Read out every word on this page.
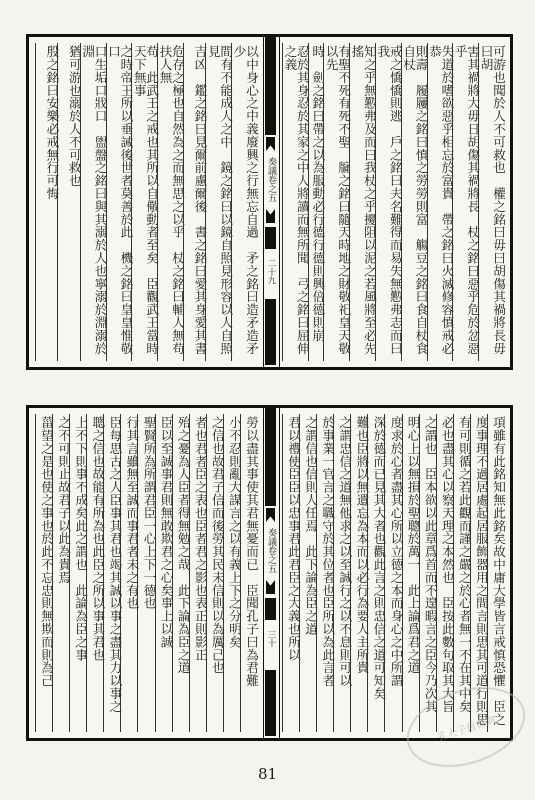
可游也聞於人不可救也　權之銘曰毋曰胡傷其禍將長毋曰胡
害其禍將大毋日胡傷其禍將長　杖之銘曰惡乎危於忿惡乎
失道於嗜欲惡乎相忘於富貴　帶之銘曰火滅修容慎戒必恭
則壽　履屨之銘曰慎之勞勞則富　觴豆之銘曰食自杖食自杖
戒之憍憍則逃　戶之銘曰夫名難得而易失無懃弗志而曰我
知之乎無懃弗及而曰我杖之乎擾阻以泥之若風將至必先搖
有聖不死有死不聖　牖之銘曰隨天時地之財敬祀皇天敬以先
時　劍之銘曰帶之以為服動必行德行德則興倍德則崩
忍於其身忍於其家之中人將讀而無所聞　弓之銘曰屈伸之義
奏議卷之五
二十九
以中身心之中義廢興之行無忘自過　矛之銘曰造矛造矛少
間有不能成人之中　鏡之銘曰以鏡自照見形容以人自照見
吉凶　鑑之銘曰見爾前慮爾後　書之銘曰愛其身愛其書
危存之極也自然為之而無思之以乎　杖之銘曰輔人無苟扶人無
苟　此武王之戒也其所以自儆動者至矣　臣觀武王當時天下無事
之時帝王所以垂誡後世者莫善於此　機之銘曰皇皇惟敬口
口生垢口戕口　盥盤之銘曰與其溺於人也寧溺於淵溺於淵
猶可游也溺於人不可救也
殷之銘曰安樂必戒無行可悔
項雖有此銘知無此銘矣故中庸大學皆言戒慎恐懼　臣之
度事理不過居處起居服飾器用之間言則思其可道行則思
有可則循之若此觀而謹之嚴之於心者無一不在其中矣
必也盡其心以察天理之本然也　臣按此數句取其大旨
之謂也　臣本欲以此章爲首而不遑暇言之臣今乃次其
明心上以無損於聖聰於萬一　此上論爲君之道
度求於心者盡其心所以立德之本而身心之中所謂
深於德而已見其大者也觀此言之則忠信之道可知矣
難也臣將以無遺忘為本而以必行為要人主所貴
之謂忠信之道無他求之以至誠行之以不息則可以
於事業一官言之職守於其位者也臣所以為此言者
之謂信也信則人任焉　此下論為臣之道
君以禮使臣臣以忠事君此君臣之大義也所以
奏議卷之五
三十
勞以盡其事使其君無憂而已　臣聞孔子曰為君難
小不忍則亂大謀言之以有義上下之分明矣
之信也故君子信而後勞其民未信則以為厲己也
者也君者臣之表也臣者君之影也表正則影正
殆之憂為人臣者得無勉之哉　此下論為臣之道
臣以至誠事君則無敢欺君之心矣事上以誠
聖賢所為所謂君臣一心上下一德也
行其言雖無至誠而事君者未之有也
臣每思古之人臣事其君也竭其誠以事之盡其力以事之
聰之信也故能有所為也此臣之所以事其君也
上不下則事不成矣此之謂也　此論為臣之事
之不可則止故君子以此為貴焉
菑望之是也使之事也於此不忘忠則無欺而則為己
81
孔夫子舊書網
